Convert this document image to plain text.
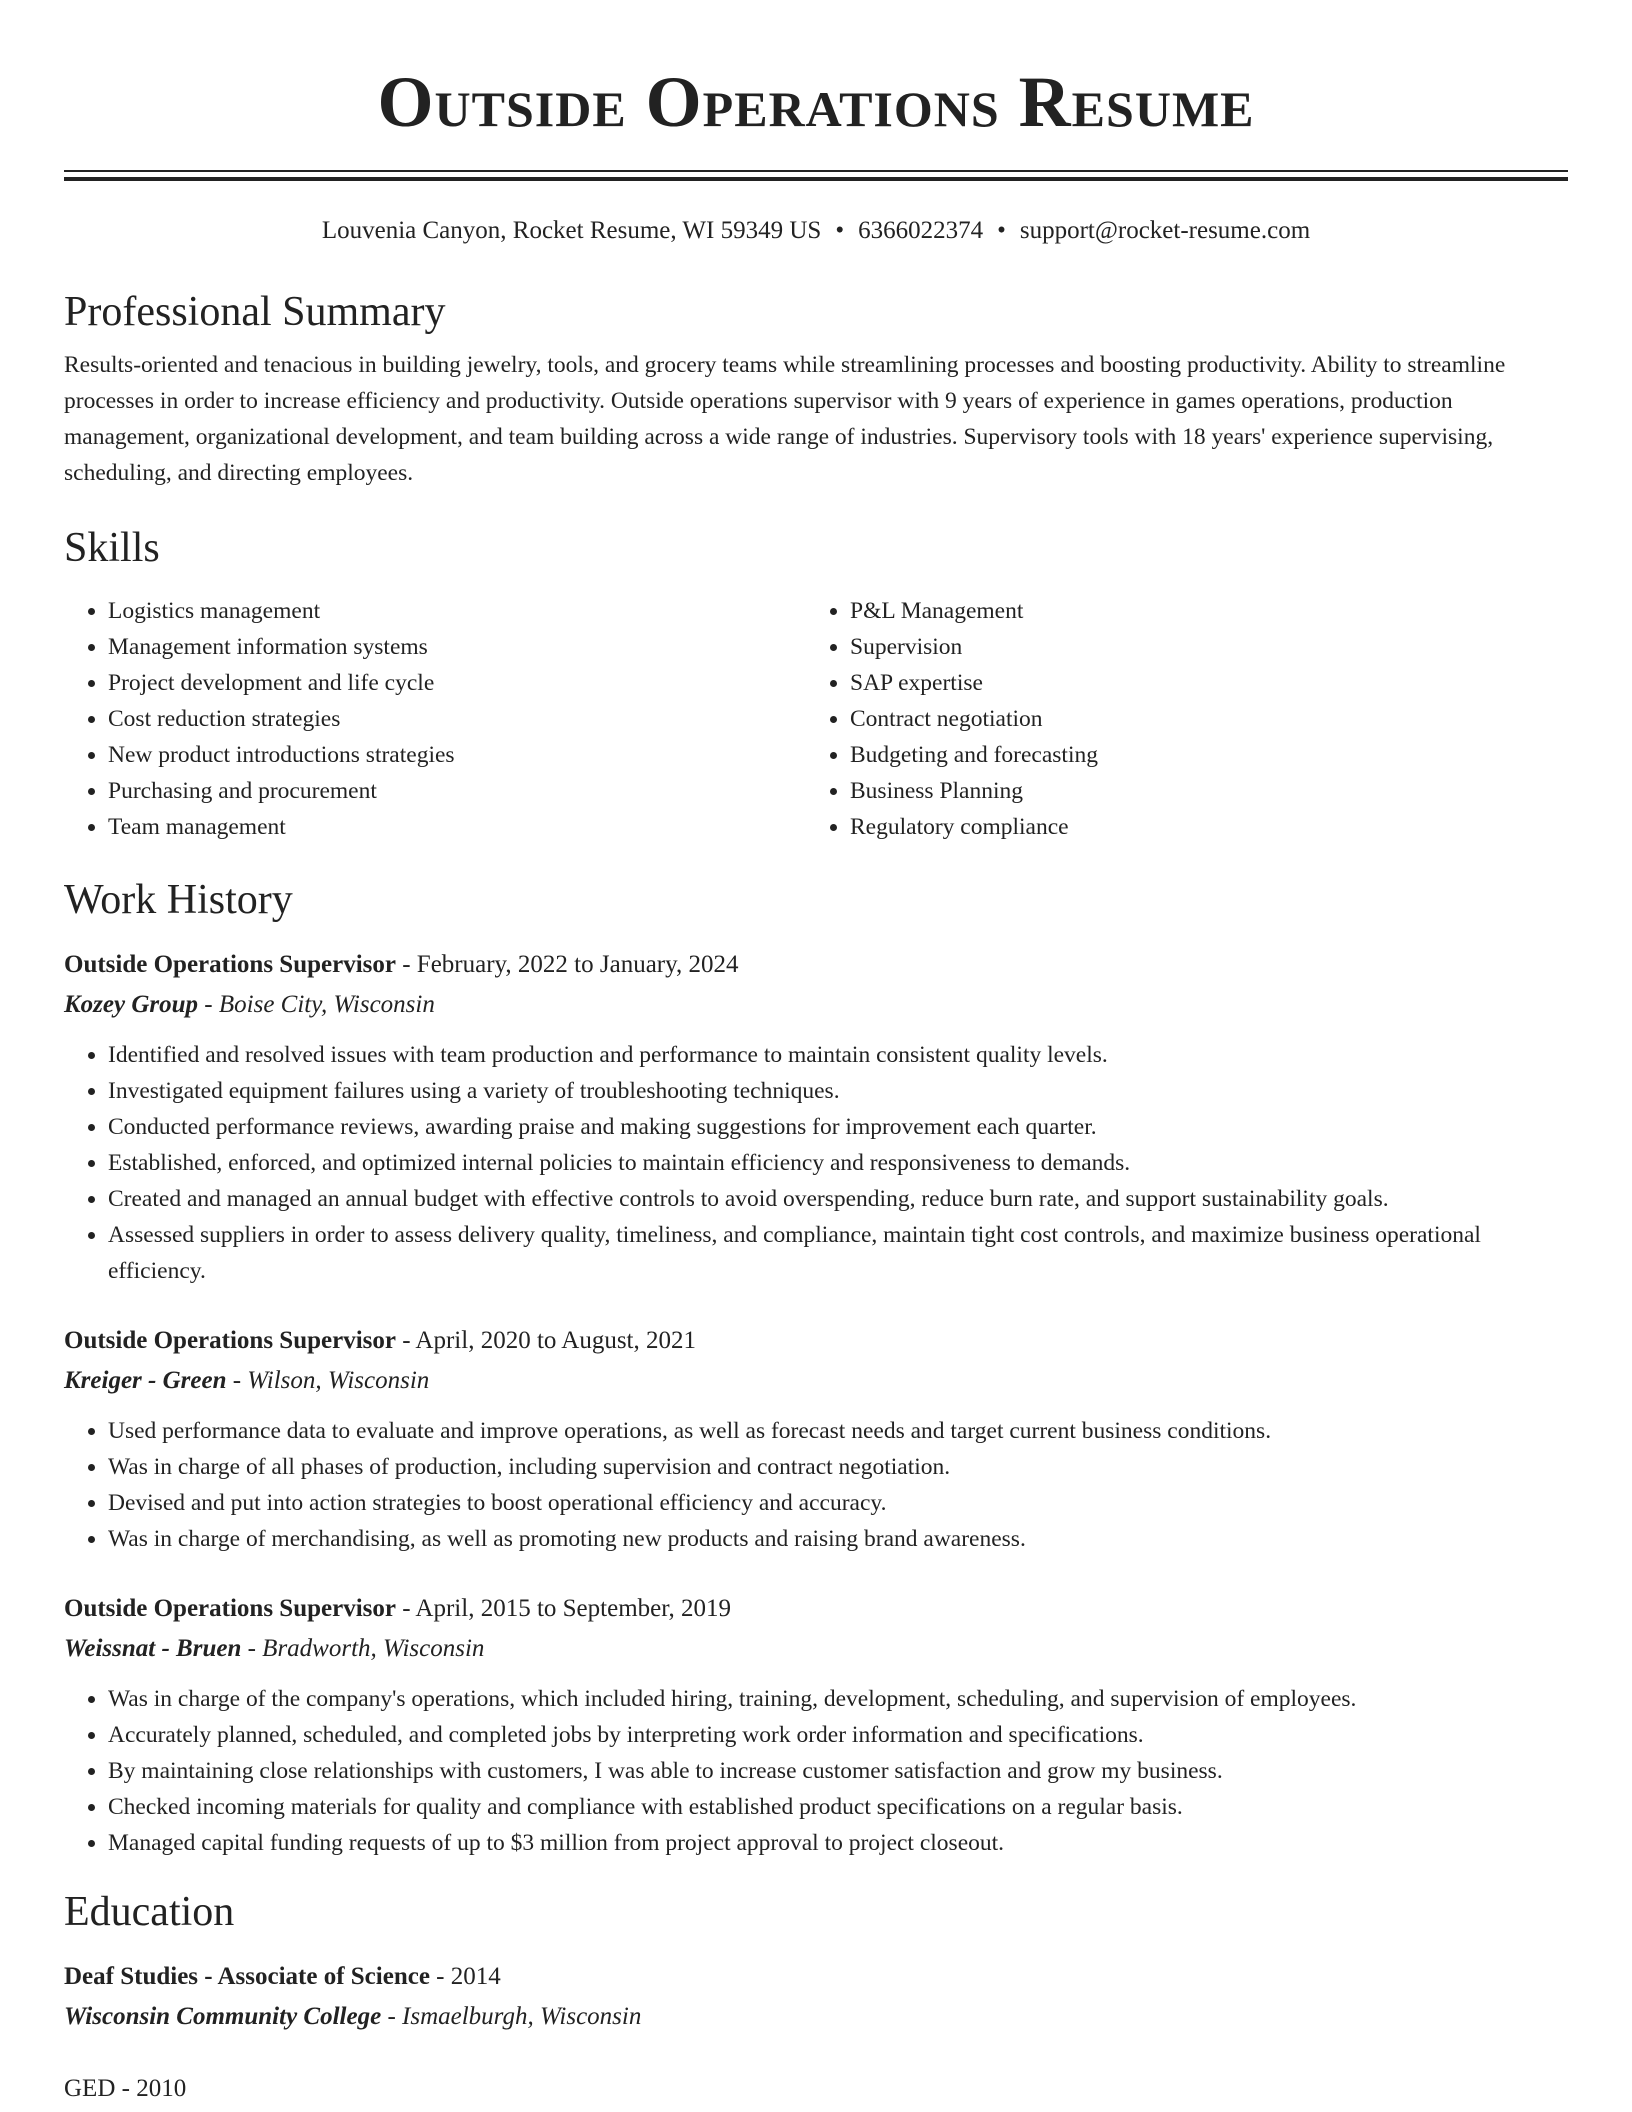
Outside Operations Resume
Louvenia Canyon, Rocket Resume, WI 59349 US • 6366022374 • support@rocket-resume.com
Professional Summary

Results-oriented and tenacious in building jewelry, tools, and grocery teams while streamlining processes and boosting productivity. Ability to streamline processes in order to increase efficiency and productivity. Outside operations supervisor with 9 years of experience in games operations, production management, organizational development, and team building across a wide range of industries. Supervisory tools with 18 years' experience supervising, scheduling, and directing employees.

Skills
• Logistics management
• Management information systems
• Project development and life cycle
• Cost reduction strategies
• New product introductions strategies
• Purchasing and procurement
• Team management
• P&L Management
• Supervision
• SAP expertise
• Contract negotiation
• Budgeting and forecasting
• Business Planning
• Regulatory compliance
Work History
Outside Operations Supervisor - February, 2022 to January, 2024
Kozey Group - Boise City, Wisconsin
• Identified and resolved issues with team production and performance to maintain consistent quality levels.
• Investigated equipment failures using a variety of troubleshooting techniques.
• Conducted performance reviews, awarding praise and making suggestions for improvement each quarter.
• Established, enforced, and optimized internal policies to maintain efficiency and responsiveness to demands.
• Created and managed an annual budget with effective controls to avoid overspending, reduce burn rate, and support sustainability goals.
• Assessed suppliers in order to assess delivery quality, timeliness, and compliance, maintain tight cost controls, and maximize business operational efficiency.
Outside Operations Supervisor - April, 2020 to August, 2021
Kreiger - Green - Wilson, Wisconsin
• Used performance data to evaluate and improve operations, as well as forecast needs and target current business conditions.
• Was in charge of all phases of production, including supervision and contract negotiation.
• Devised and put into action strategies to boost operational efficiency and accuracy.
• Was in charge of merchandising, as well as promoting new products and raising brand awareness.
Outside Operations Supervisor - April, 2015 to September, 2019
Weissnat - Bruen - Bradworth, Wisconsin
• Was in charge of the company's operations, which included hiring, training, development, scheduling, and supervision of employees.
• Accurately planned, scheduled, and completed jobs by interpreting work order information and specifications.
• By maintaining close relationships with customers, I was able to increase customer satisfaction and grow my business.
• Checked incoming materials for quality and compliance with established product specifications on a regular basis.
• Managed capital funding requests of up to $3 million from project approval to project closeout.
Education
Deaf Studies - Associate of Science - 2014
Wisconsin Community College - Ismaelburgh, Wisconsin
GED - 2010
